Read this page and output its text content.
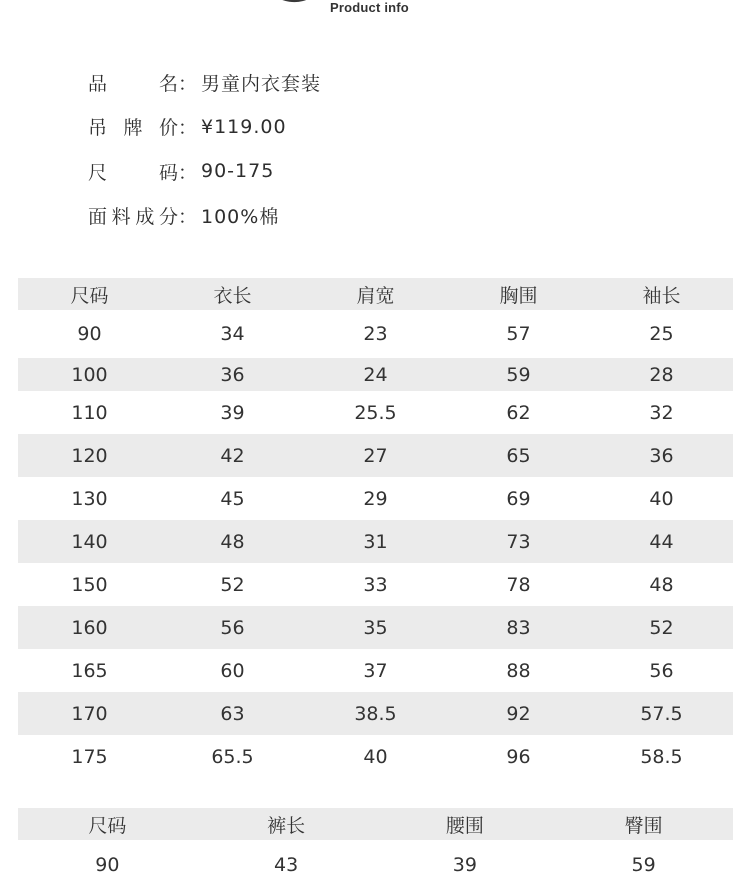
Product info
品　名 ： 男童内衣套装
吊牌价 ： ¥119.00
尺　码 ： 90-175
面料成分 ： 100%棉
尺码	衣长	肩宽	胸围	袖长
90	34	23	57	25
100	36	24	59	28
110	39	25.5	62	32
120	42	27	65	36
130	45	29	69	40
140	48	31	73	44
150	52	33	78	48
160	56	35	83	52
165	60	37	88	56
170	63	38.5	92	57.5
175	65.5	40	96	58.5
尺码	裤长	腰围	臀围
90	43	39	59
